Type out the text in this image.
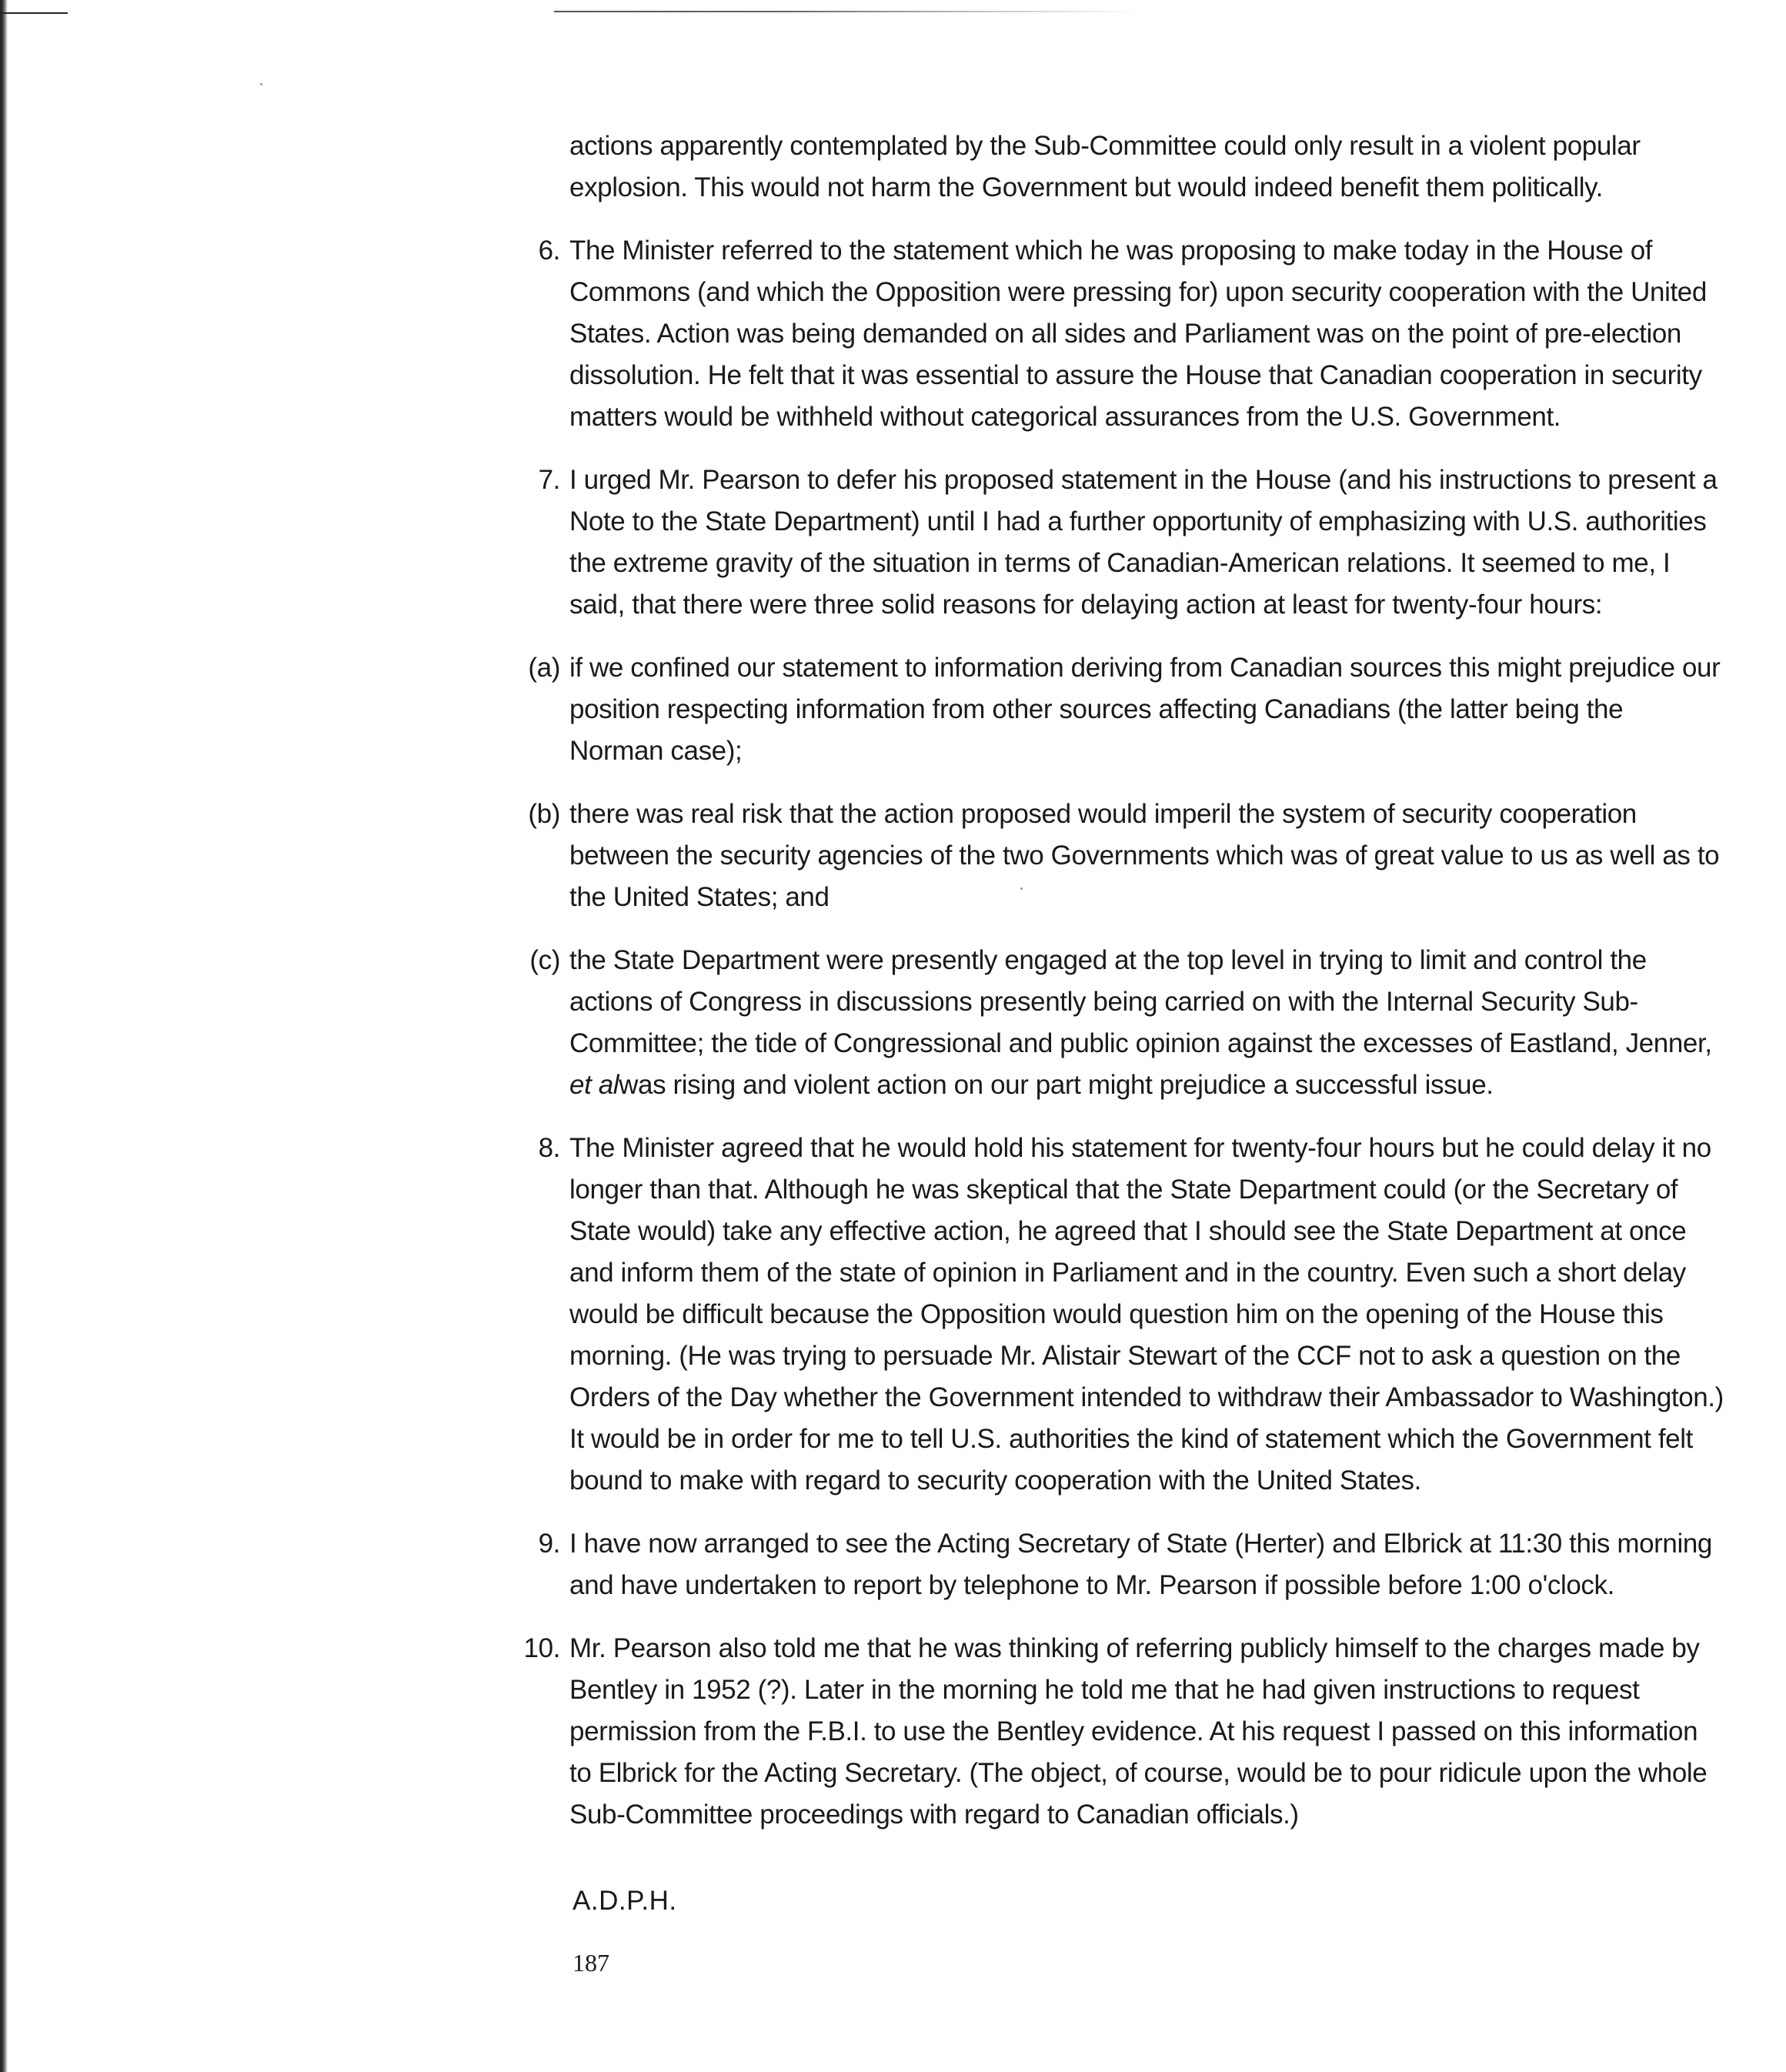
actions apparently contemplated by the Sub-Committee could only result in a violent popular explosion. This would not harm the Government but would indeed benefit them politically.

6. The Minister referred to the statement which he was proposing to make today in the House of Commons (and which the Opposition were pressing for) upon security cooperation with the United States. Action was being demanded on all sides and Parliament was on the point of pre-election dissolution. He felt that it was essential to assure the House that Canadian cooperation in security matters would be withheld without categorical assurances from the U.S. Government.

7. I urged Mr. Pearson to defer his proposed statement in the House (and his instructions to present a Note to the State Department) until I had a further opportunity of emphasizing with U.S. authorities the extreme gravity of the situation in terms of Canadian-American relations. It seemed to me, I said, that there were three solid reasons for delaying action at least for twenty-four hours:

(a) if we confined our statement to information deriving from Canadian sources this might prejudice our position respecting information from other sources affecting Canadians (the latter being the Norman case);

(b) there was real risk that the action proposed would imperil the system of security cooperation between the security agencies of the two Governments which was of great value to us as well as to the United States; and

(c) the State Department were presently engaged at the top level in trying to limit and control the actions of Congress in discussions presently being carried on with the Internal Security Sub-Committee; the tide of Congressional and public opinion against the excesses of Eastland, Jenner, et alwas rising and violent action on our part might prejudice a successful issue.

8. The Minister agreed that he would hold his statement for twenty-four hours but he could delay it no longer than that. Although he was skeptical that the State Department could (or the Secretary of State would) take any effective action, he agreed that I should see the State Department at once and inform them of the state of opinion in Parliament and in the country. Even such a short delay would be difficult because the Opposition would question him on the opening of the House this morning. (He was trying to persuade Mr. Alistair Stewart of the CCF not to ask a question on the Orders of the Day whether the Government intended to withdraw their Ambassador to Washington.) It would be in order for me to tell U.S. authorities the kind of statement which the Government felt bound to make with regard to security cooperation with the United States.

9. I have now arranged to see the Acting Secretary of State (Herter) and Elbrick at 11:30 this morning and have undertaken to report by telephone to Mr. Pearson if possible before 1:00 o'clock.

10. Mr. Pearson also told me that he was thinking of referring publicly himself to the charges made by Bentley in 1952 (?). Later in the morning he told me that he had given instructions to request permission from the F.B.I. to use the Bentley evidence. At his request I passed on this information to Elbrick for the Acting Secretary. (The object, of course, would be to pour ridicule upon the whole Sub-Committee proceedings with regard to Canadian officials.)

A.D.P.H.
187
